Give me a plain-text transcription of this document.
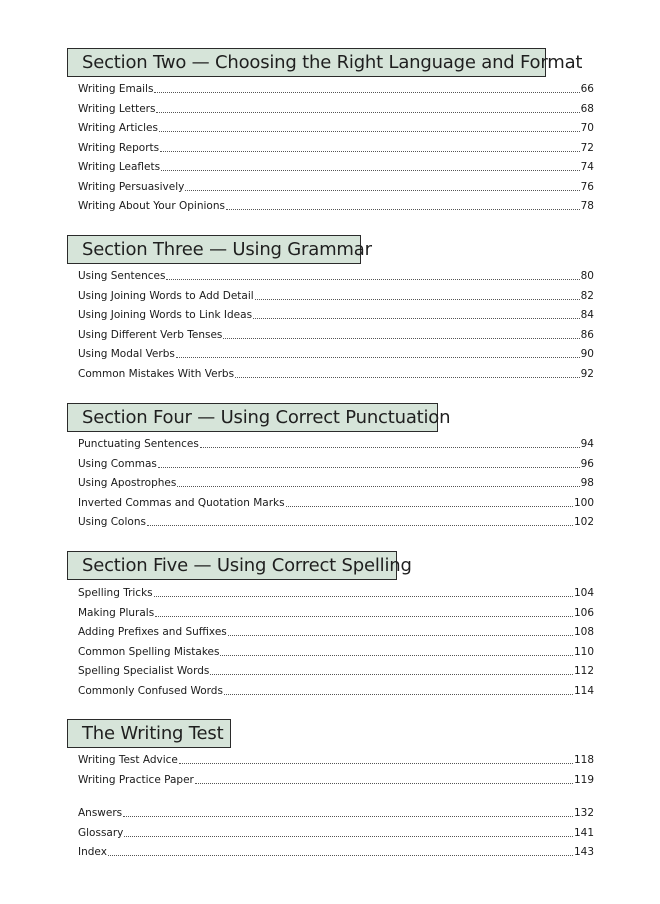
Section Two — Choosing the Right Language and Format
Writing Emails	66
Writing Letters	68
Writing Articles	70
Writing Reports	72
Writing Leaflets	74
Writing Persuasively	76
Writing About Your Opinions	78
Section Three — Using Grammar
Using Sentences	80
Using Joining Words to Add Detail	82
Using Joining Words to Link Ideas	84
Using Different Verb Tenses	86
Using Modal Verbs	90
Common Mistakes With Verbs	92
Section Four — Using Correct Punctuation
Punctuating Sentences	94
Using Commas	96
Using Apostrophes	98
Inverted Commas and Quotation Marks	100
Using Colons	102
Section Five — Using Correct Spelling
Spelling Tricks	104
Making Plurals	106
Adding Prefixes and Suffixes	108
Common Spelling Mistakes	110
Spelling Specialist Words	112
Commonly Confused Words	114
The Writing Test
Writing Test Advice	118
Writing Practice Paper	119
Answers	132
Glossary	141
Index	143
